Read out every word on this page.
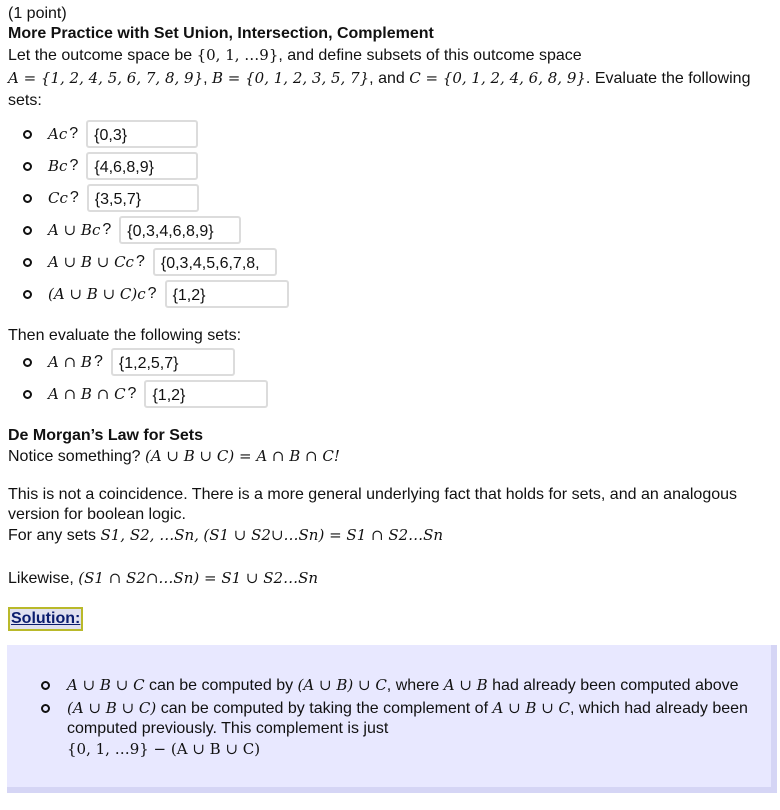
(1 point)

More Practice with Set Union, Intersection, Complement

Let the outcome space be {0, 1, …9}, and define subsets of this outcome space
A = {1, 2, 4, 5, 6, 7, 8, 9}, B = {0, 1, 2, 3, 5, 7}, and C = {0, 1, 2, 4, 6, 8, 9}. Evaluate the following sets:

A c ?	{0,3}
B c ?	{4,6,8,9}
C c ?	{3,5,7}
A ∪ B c ?	{0,3,4,6,8,9}
A ∪ B ∪ C c ?	{0,3,4,5,6,7,8,
(A ∪ B ∪ C) c ?	{1,2}

Then evaluate the following sets:

A ∩ B ?	{1,2,5,7}
A ∩ B ∩ C ?	{1,2}

De Morgan’s Law for Sets

Notice something? (A ∪ B ∪ C) = A ∩ B ∩ C!

This is not a coincidence. There is a more general underlying fact that holds for sets, and an analogous version for boolean logic.

For any sets S1, S2, …Sn, (S1 ∪ S2∪…Sn) = S1 ∩ S2…Sn

Likewise, (S1 ∩ S2∩…Sn) = S1 ∪ S2…Sn

Solution:

A ∪ B ∪ C can be computed by (A ∪ B) ∪ C, where A ∪ B had already been computed above
(A ∪ B ∪ C) can be computed by taking the complement of A ∪ B ∪ C, which had already been computed previously. This complement is just
{0, 1, …9} − (A ∪ B ∪ C)
